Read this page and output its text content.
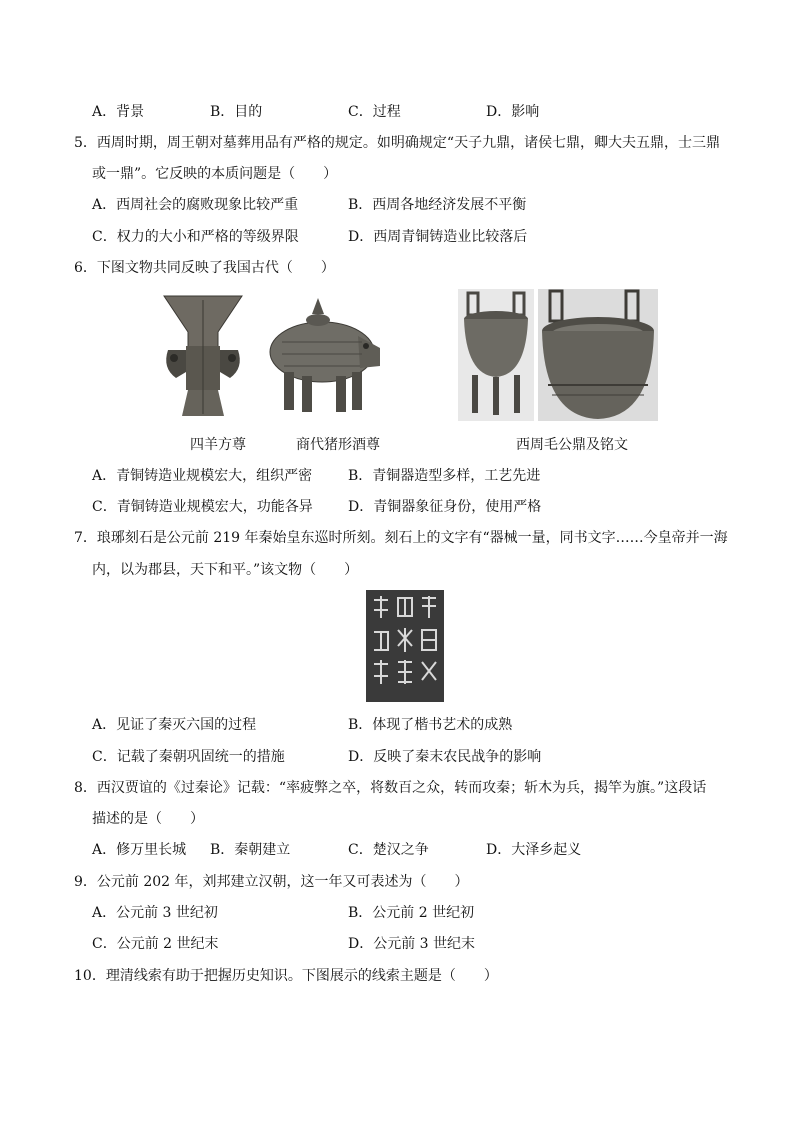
A．背景	B．目的	C．过程	D．影响
5．西周时期，周王朝对墓葬用品有严格的规定。如明确规定“天子九鼎，诸侯七鼎，卿大夫五鼎，士三鼎
或一鼎”。它反映的本质问题是（　　）
A．西周社会的腐败现象比较严重	B．西周各地经济发展不平衡
C．权力的大小和严格的等级界限	D．西周青铜铸造业比较落后
6．下图文物共同反映了我国古代（　　）
四羊方尊	商代猪形酒尊	西周毛公鼎及铭文
A．青铜铸造业规模宏大，组织严密	B．青铜器造型多样，工艺先进
C．青铜铸造业规模宏大，功能各异	D．青铜器象征身份，使用严格
7．琅琊刻石是公元前 219 年秦始皇东巡时所刻。刻石上的文字有“器械一量，同书文字……今皇帝并一海
内，以为郡县，天下和平。”该文物（　　）
A．见证了秦灭六国的过程	B．体现了楷书艺术的成熟
C．记载了秦朝巩固统一的措施	D．反映了秦末农民战争的影响
8．西汉贾谊的《过秦论》记载：“率疲弊之卒，将数百之众，转而攻秦；斩木为兵，揭竿为旗。”这段话
描述的是（　　）
A．修万里长城 B．秦朝建立	C．楚汉之争	D．大泽乡起义
9．公元前 202 年，刘邦建立汉朝，这一年又可表述为（　　）
A．公元前 3 世纪初	B．公元前 2 世纪初
C．公元前 2 世纪末	D．公元前 3 世纪末
10．理清线索有助于把握历史知识。下图展示的线索主题是（　　）
